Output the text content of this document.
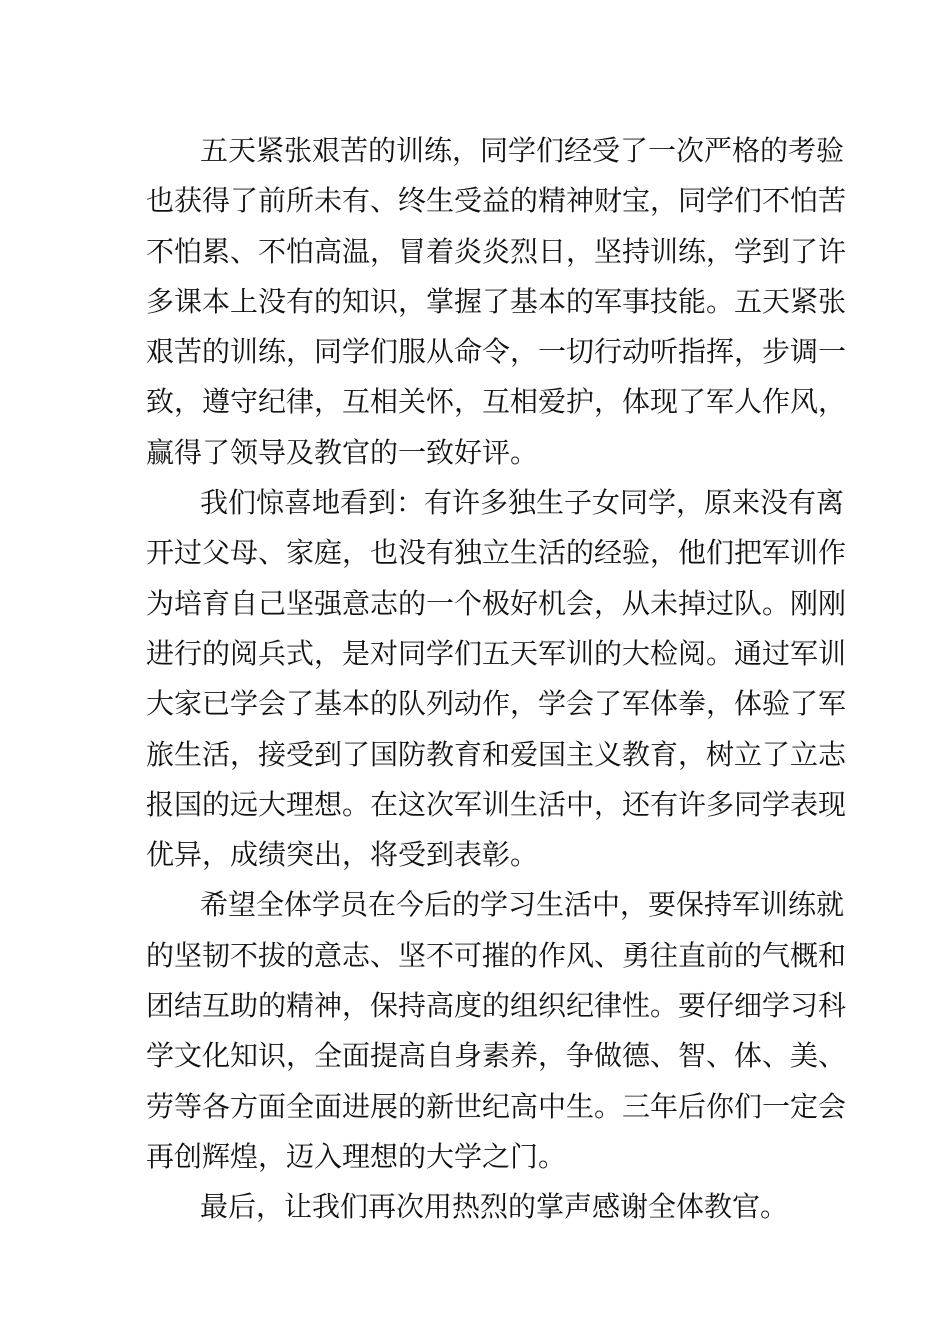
五天紧张艰苦的训练，同学们经受了一次严格的考验
也获得了前所未有、终生受益的精神财宝，同学们不怕苦
不怕累、不怕高温，冒着炎炎烈日，坚持训练，学到了许
多课本上没有的知识，掌握了基本的军事技能。五天紧张
艰苦的训练，同学们服从命令，一切行动听指挥，步调一
致，遵守纪律，互相关怀，互相爱护，体现了军人作风，
赢得了领导及教官的一致好评。
我们惊喜地看到：有许多独生子女同学，原来没有离
开过父母、家庭，也没有独立生活的经验，他们把军训作
为培育自己坚强意志的一个极好机会，从未掉过队。刚刚
进行的阅兵式，是对同学们五天军训的大检阅。通过军训
大家已学会了基本的队列动作，学会了军体拳，体验了军
旅生活，接受到了国防教育和爱国主义教育，树立了立志
报国的远大理想。在这次军训生活中，还有许多同学表现
优异，成绩突出，将受到表彰。
希望全体学员在今后的学习生活中，要保持军训练就
的坚韧不拔的意志、坚不可摧的作风、勇往直前的气概和
团结互助的精神，保持高度的组织纪律性。要仔细学习科
学文化知识，全面提高自身素养，争做德、智、体、美、
劳等各方面全面进展的新世纪高中生。三年后你们一定会
再创辉煌，迈入理想的大学之门。
最后，让我们再次用热烈的掌声感谢全体教官。
